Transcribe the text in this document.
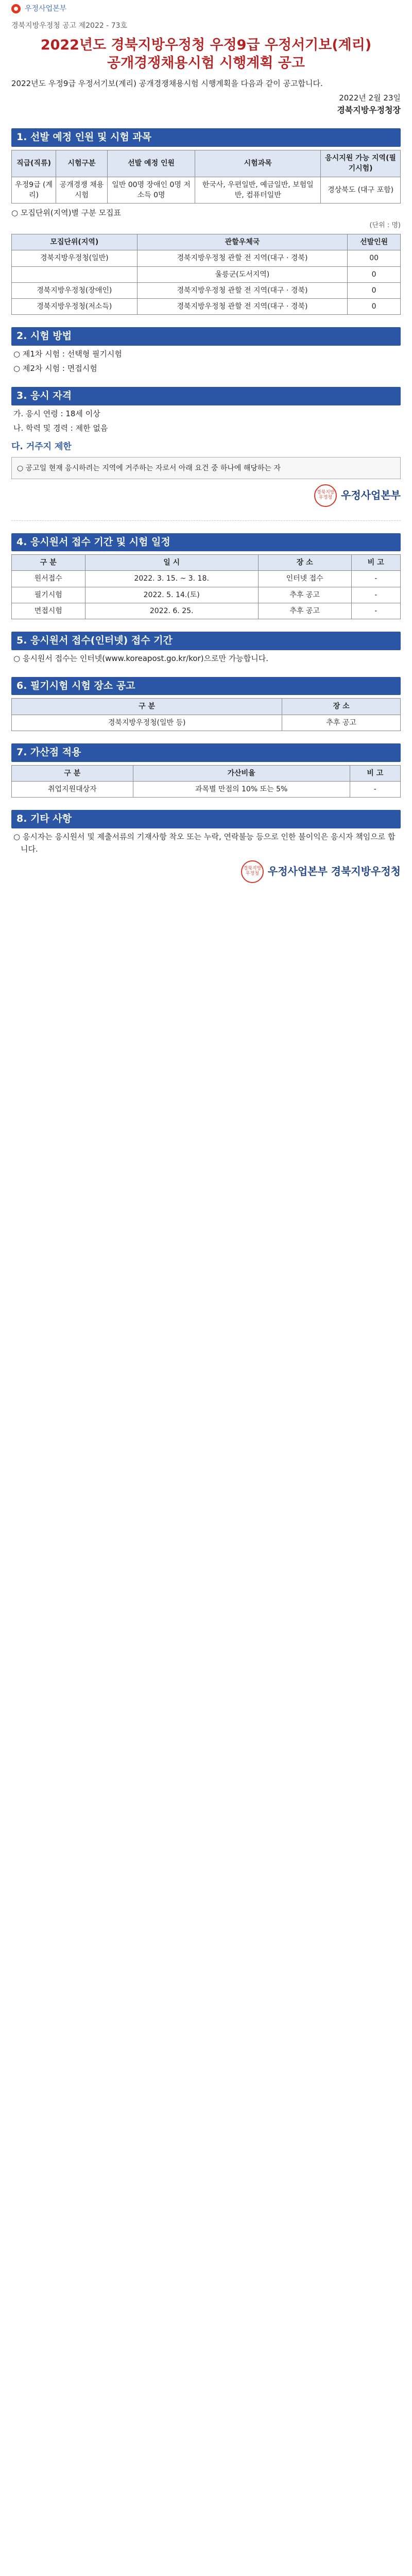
우정사업본부
경북지방우정청 공고 제2022 - 73호
2022년도 경북지방우정청 우정9급 우정서기보(계리)
공개경쟁채용시험 시행계획 공고
2022년도 우정9급 우정서기보(계리) 공개경쟁채용시험 시행계획을 다음과 같이 공고합니다.
2022년 2월 23일
경북지방우정청장
1. 선발 예정 인원 및 시험 과목
직급(직류)	시험구분	선발 예정 인원	시험과목	응시지원 가능 지역(필기시험)
우정9급 (계리)	공개경쟁 채용시험	일반 00명 장애인 0명 저소득 0명	한국사, 우편일반, 예금일반, 보험일반, 컴퓨터일반	경상북도 (대구 포함)
○ 모집단위(지역)별 구분 모집표
(단위 : 명)
모집단위(지역)	관할우체국	선발인원
경북지방우정청(일반)	경북지방우정청 관할 전 지역(대구 · 경북)	00
	울릉군(도서지역)	0
경북지방우정청(장애인)	경북지방우정청 관할 전 지역(대구 · 경북)	0
경북지방우정청(저소득)	경북지방우정청 관할 전 지역(대구 · 경북)	0
2. 시험 방법
○ 제1차 시험 : 선택형 필기시험
○ 제2차 시험 : 면접시험
3. 응시 자격
가. 응시 연령 : 18세 이상
나. 학력 및 경력 : 제한 없음
다. 거주지 제한

○ 공고일 현재 응시하려는 지역에 거주하는 자로서 아래 요건 중 하나에 해당하는 자

경북지방 우정청 우정사업본부
4. 응시원서 접수 기간 및 시험 일정
구 분	일 시	장 소	비 고
원서접수	2022. 3. 15. ~ 3. 18.	인터넷 접수	-
필기시험	2022. 5. 14.(토)	추후 공고	-
면접시험	2022. 6. 25.	추후 공고	-
5. 응시원서 접수(인터넷) 접수 기간
○ 응시원서 접수는 인터넷(www.koreapost.go.kr/kor)으로만 가능합니다.
6. 필기시험 시험 장소 공고
구 분	장 소
경북지방우정청(일반 등)	추후 공고
7. 가산점 적용
구 분	가산비율	비 고
취업지원대상자	과목별 만점의 10% 또는 5%	-
8. 기타 사항
○ 응시자는 응시원서 및 제출서류의 기재사항 착오 또는 누락, 연락불능 등으로 인한 불이익은 응시자 책임으로 합니다.
경북지방 우정청 우정사업본부 경북지방우정청
